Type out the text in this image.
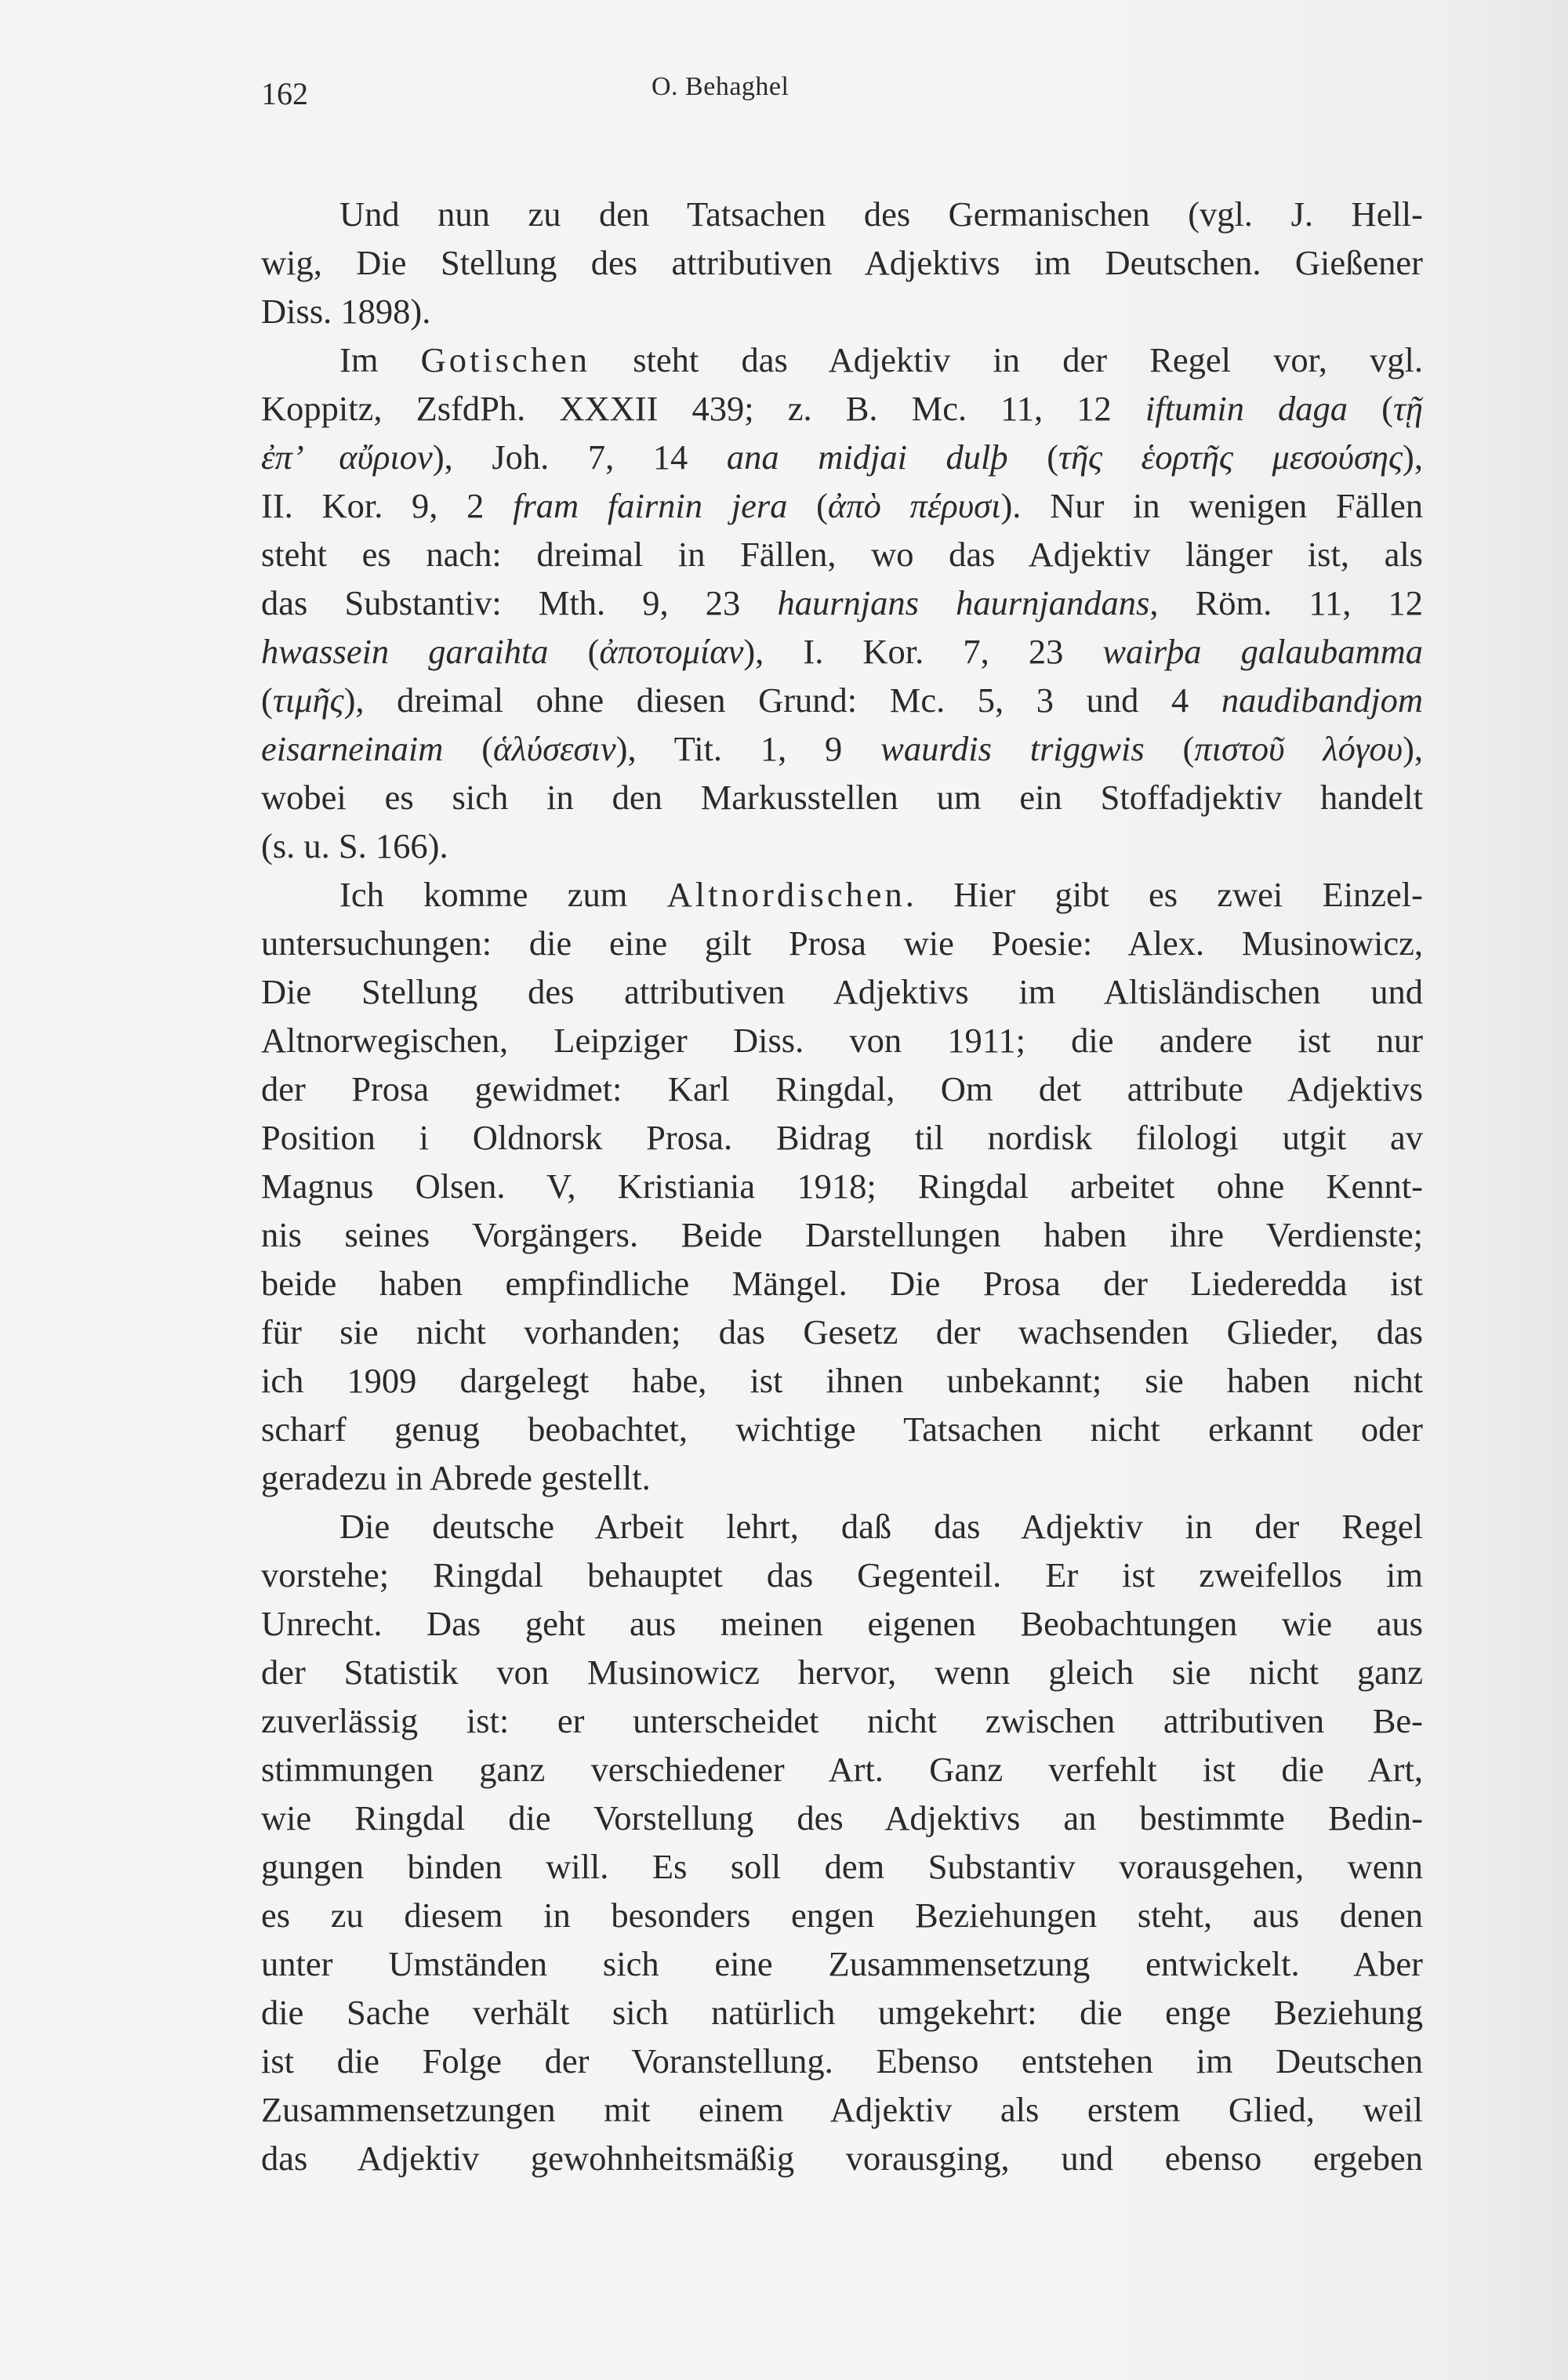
162	O. Behaghel
Und nun zu den Tatsachen des Germanischen (vgl. J. Hell-
wig, Die Stellung des attributiven Adjektivs im Deutschen. Gießener
Diss. 1898).
Im Gotischen steht das Adjektiv in der Regel vor, vgl.
Koppitz, ZsfdPh. XXXII 439; z. B. Mc. 11, 12 iftumin daga (τῇ
ἐπ’ αὔριον), Joh. 7, 14 ana midjai dulþ (τῆς ἑορτῆς μεσούσης),
II. Kor. 9, 2 fram fairnin jera (ἀπὸ πέρυσι). Nur in wenigen Fällen
steht es nach: dreimal in Fällen, wo das Adjektiv länger ist, als
das Substantiv: Mth. 9, 23 haurnjans haurnjandans, Röm. 11, 12
hwassein garaihta (ἀποτομίαν), I. Kor. 7, 23 wairþa galaubamma
(τιμῆς), dreimal ohne diesen Grund: Mc. 5, 3 und 4 naudibandjom
eisarneinaim (ἁλύσεσιν), Tit. 1, 9 waurdis triggwis (πιστοῦ λόγου),
wobei es sich in den Markusstellen um ein Stoffadjektiv handelt
(s. u. S. 166).
Ich komme zum Altnordischen. Hier gibt es zwei Einzel-
untersuchungen: die eine gilt Prosa wie Poesie: Alex. Musinowicz,
Die Stellung des attributiven Adjektivs im Altisländischen und
Altnorwegischen, Leipziger Diss. von 1911; die andere ist nur
der Prosa gewidmet: Karl Ringdal, Om det attribute Adjektivs
Position i Oldnorsk Prosa. Bidrag til nordisk filologi utgit av
Magnus Olsen. V, Kristiania 1918; Ringdal arbeitet ohne Kennt-
nis seines Vorgängers. Beide Darstellungen haben ihre Verdienste;
beide haben empfindliche Mängel. Die Prosa der Liederedda ist
für sie nicht vorhanden; das Gesetz der wachsenden Glieder, das
ich 1909 dargelegt habe, ist ihnen unbekannt; sie haben nicht
scharf genug beobachtet, wichtige Tatsachen nicht erkannt oder
geradezu in Abrede gestellt.
Die deutsche Arbeit lehrt, daß das Adjektiv in der Regel
vorstehe; Ringdal behauptet das Gegenteil. Er ist zweifellos im
Unrecht. Das geht aus meinen eigenen Beobachtungen wie aus
der Statistik von Musinowicz hervor, wenn gleich sie nicht ganz
zuverlässig ist: er unterscheidet nicht zwischen attributiven Be-
stimmungen ganz verschiedener Art. Ganz verfehlt ist die Art,
wie Ringdal die Vorstellung des Adjektivs an bestimmte Bedin-
gungen binden will. Es soll dem Substantiv vorausgehen, wenn
es zu diesem in besonders engen Beziehungen steht, aus denen
unter Umständen sich eine Zusammensetzung entwickelt. Aber
die Sache verhält sich natürlich umgekehrt: die enge Beziehung
ist die Folge der Voranstellung. Ebenso entstehen im Deutschen
Zusammensetzungen mit einem Adjektiv als erstem Glied, weil
das Adjektiv gewohnheitsmäßig vorausging, und ebenso ergeben
